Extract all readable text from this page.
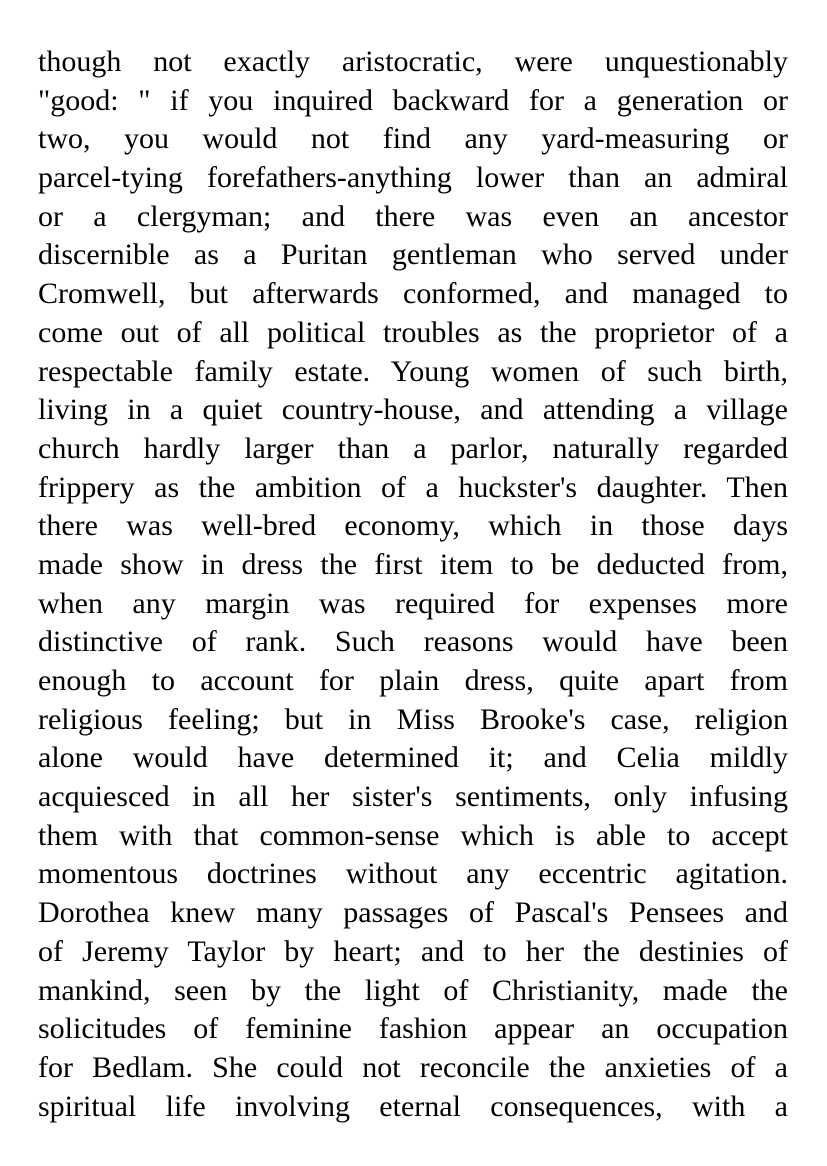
though not exactly aristocratic, were unquestionably
"good: " if you inquired backward for a generation or
two, you would not find any yard-measuring or
parcel-tying forefathers-anything lower than an admiral
or a clergyman; and there was even an ancestor
discernible as a Puritan gentleman who served under
Cromwell, but afterwards conformed, and managed to
come out of all political troubles as the proprietor of a
respectable family estate. Young women of such birth,
living in a quiet country-house, and attending a village
church hardly larger than a parlor, naturally regarded
frippery as the ambition of a huckster's daughter. Then
there was well-bred economy, which in those days
made show in dress the first item to be deducted from,
when any margin was required for expenses more
distinctive of rank. Such reasons would have been
enough to account for plain dress, quite apart from
religious feeling; but in Miss Brooke's case, religion
alone would have determined it; and Celia mildly
acquiesced in all her sister's sentiments, only infusing
them with that common-sense which is able to accept
momentous doctrines without any eccentric agitation.
Dorothea knew many passages of Pascal's Pensees and
of Jeremy Taylor by heart; and to her the destinies of
mankind, seen by the light of Christianity, made the
solicitudes of feminine fashion appear an occupation
for Bedlam. She could not reconcile the anxieties of a
spiritual life involving eternal consequences, with a
